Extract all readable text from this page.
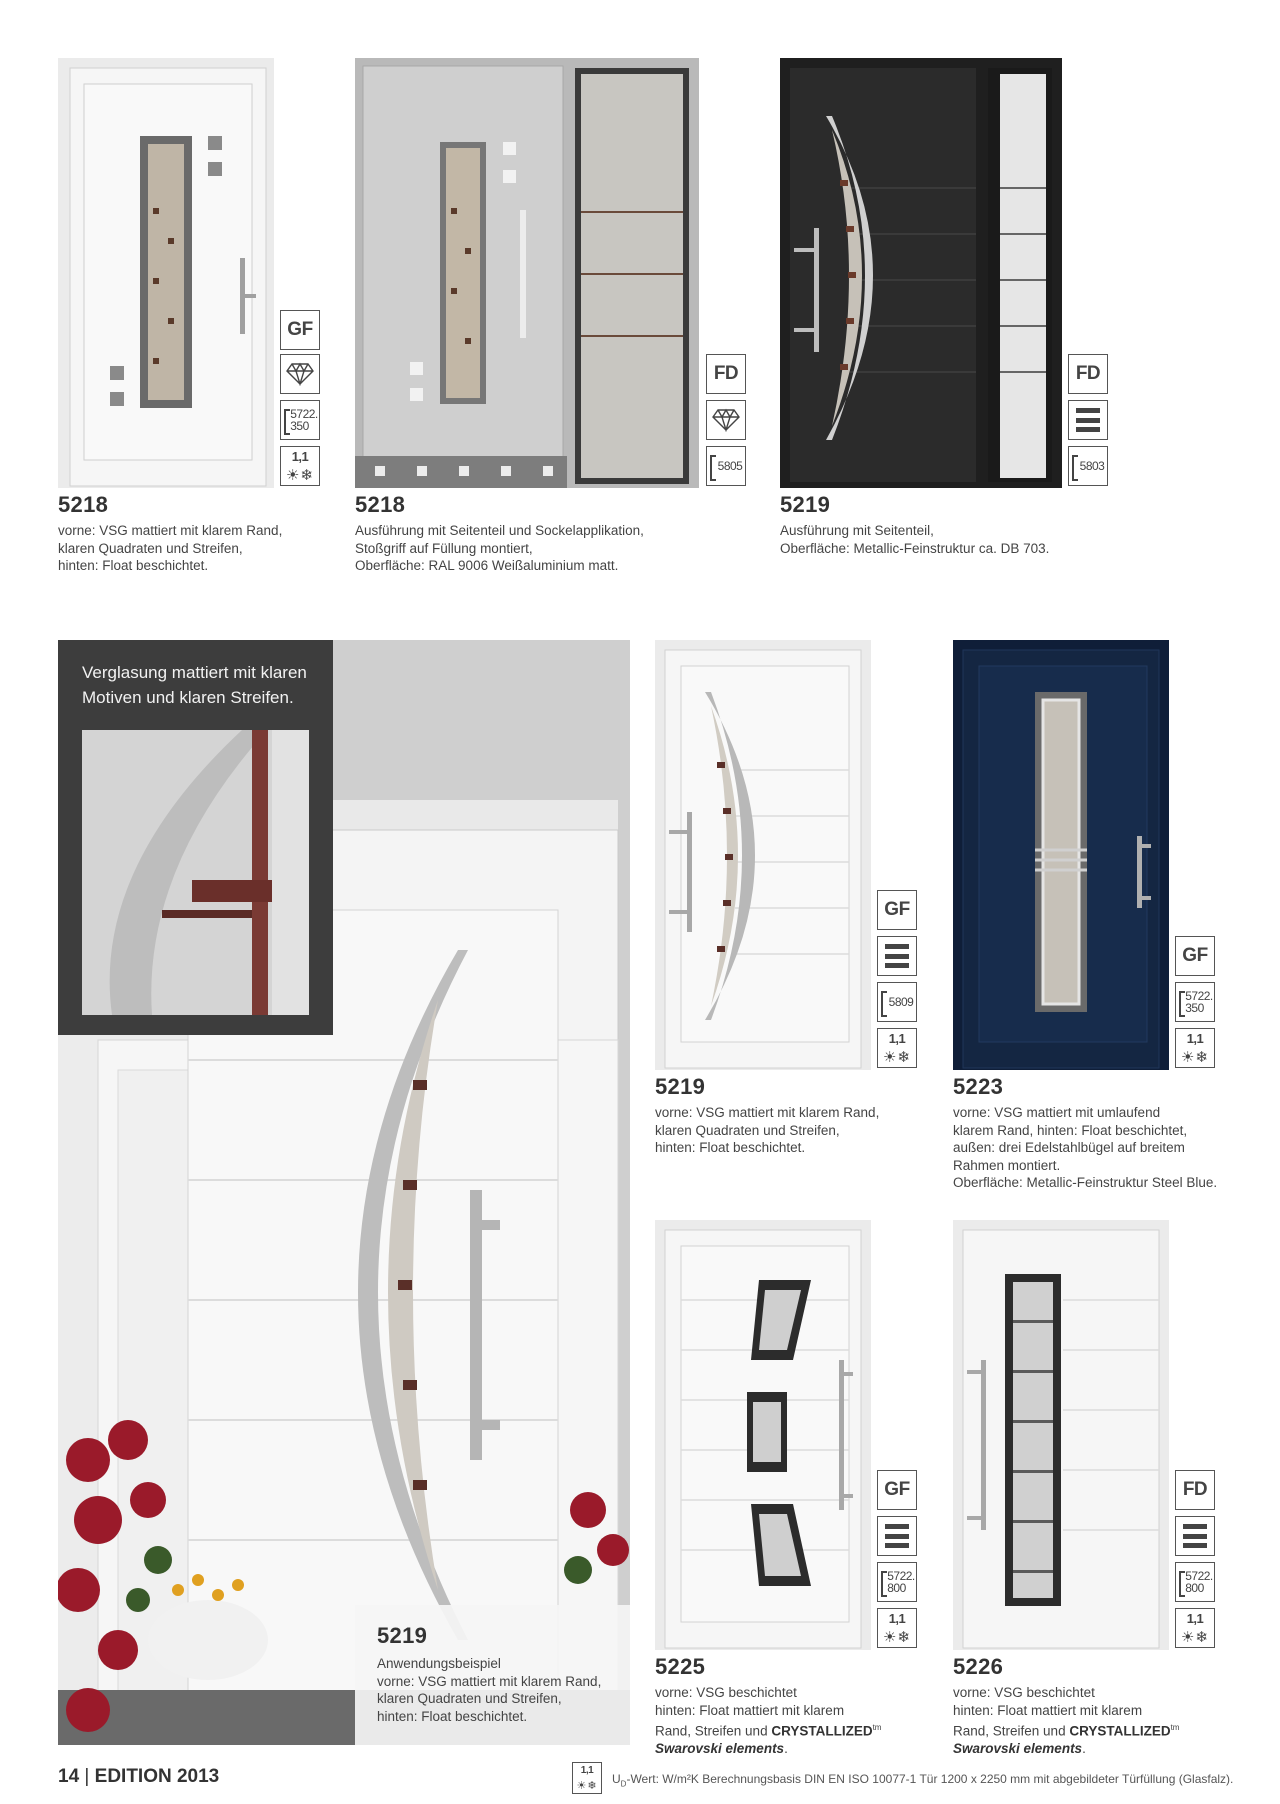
GF
5722.
350
1,1
☀❄
5218
vorne: VSG mattiert mit klarem Rand,
klaren Quadraten und Streifen,
hinten: Float beschichtet.
FD
5805
5218
Ausführung mit Seitenteil und Sockelapplikation,
Stoßgriff auf Füllung montiert,
Oberfläche: RAL 9006 Weißaluminium matt.
FD
5803
5219
Ausführung mit Seitenteil,
Oberfläche: Metallic-Feinstruktur ca. DB 703.
Verglasung mattiert mit klaren
Motiven und klaren Streifen.
5219
Anwendungsbeispiel
vorne: VSG mattiert mit klarem Rand,
klaren Quadraten und Streifen,
hinten: Float beschichtet.
GF
5809
1,1
☀❄
5219
vorne: VSG mattiert mit klarem Rand,
klaren Quadraten und Streifen,
hinten: Float beschichtet.
GF
5722.
350
1,1
☀❄
5223
vorne: VSG mattiert mit umlaufend
klarem Rand, hinten: Float beschichtet,
außen: drei Edelstahlbügel auf breitem
Rahmen montiert.
Oberfläche: Metallic-Feinstruktur Steel Blue.
GF
5722.
800
1,1
☀❄
5225
vorne: VSG beschichtet
hinten: Float mattiert mit klarem
Rand, Streifen und $CRYSTALLIZED^{tm}$
Swarovski elements.
FD
5722.
800
1,1
☀❄
5226
vorne: VSG beschichtet
hinten: Float mattiert mit klarem
Rand, Streifen und $CRYSTALLIZED^{tm}$
Swarovski elements.
14 | EDITION 2013	1,1
☀❄ $U_D$-Wert: W/m²K Berechnungsbasis DIN EN ISO 10077-1 Tür 1200 x 2250 mm mit abgebildeter Türfüllung (Glasfalz).
